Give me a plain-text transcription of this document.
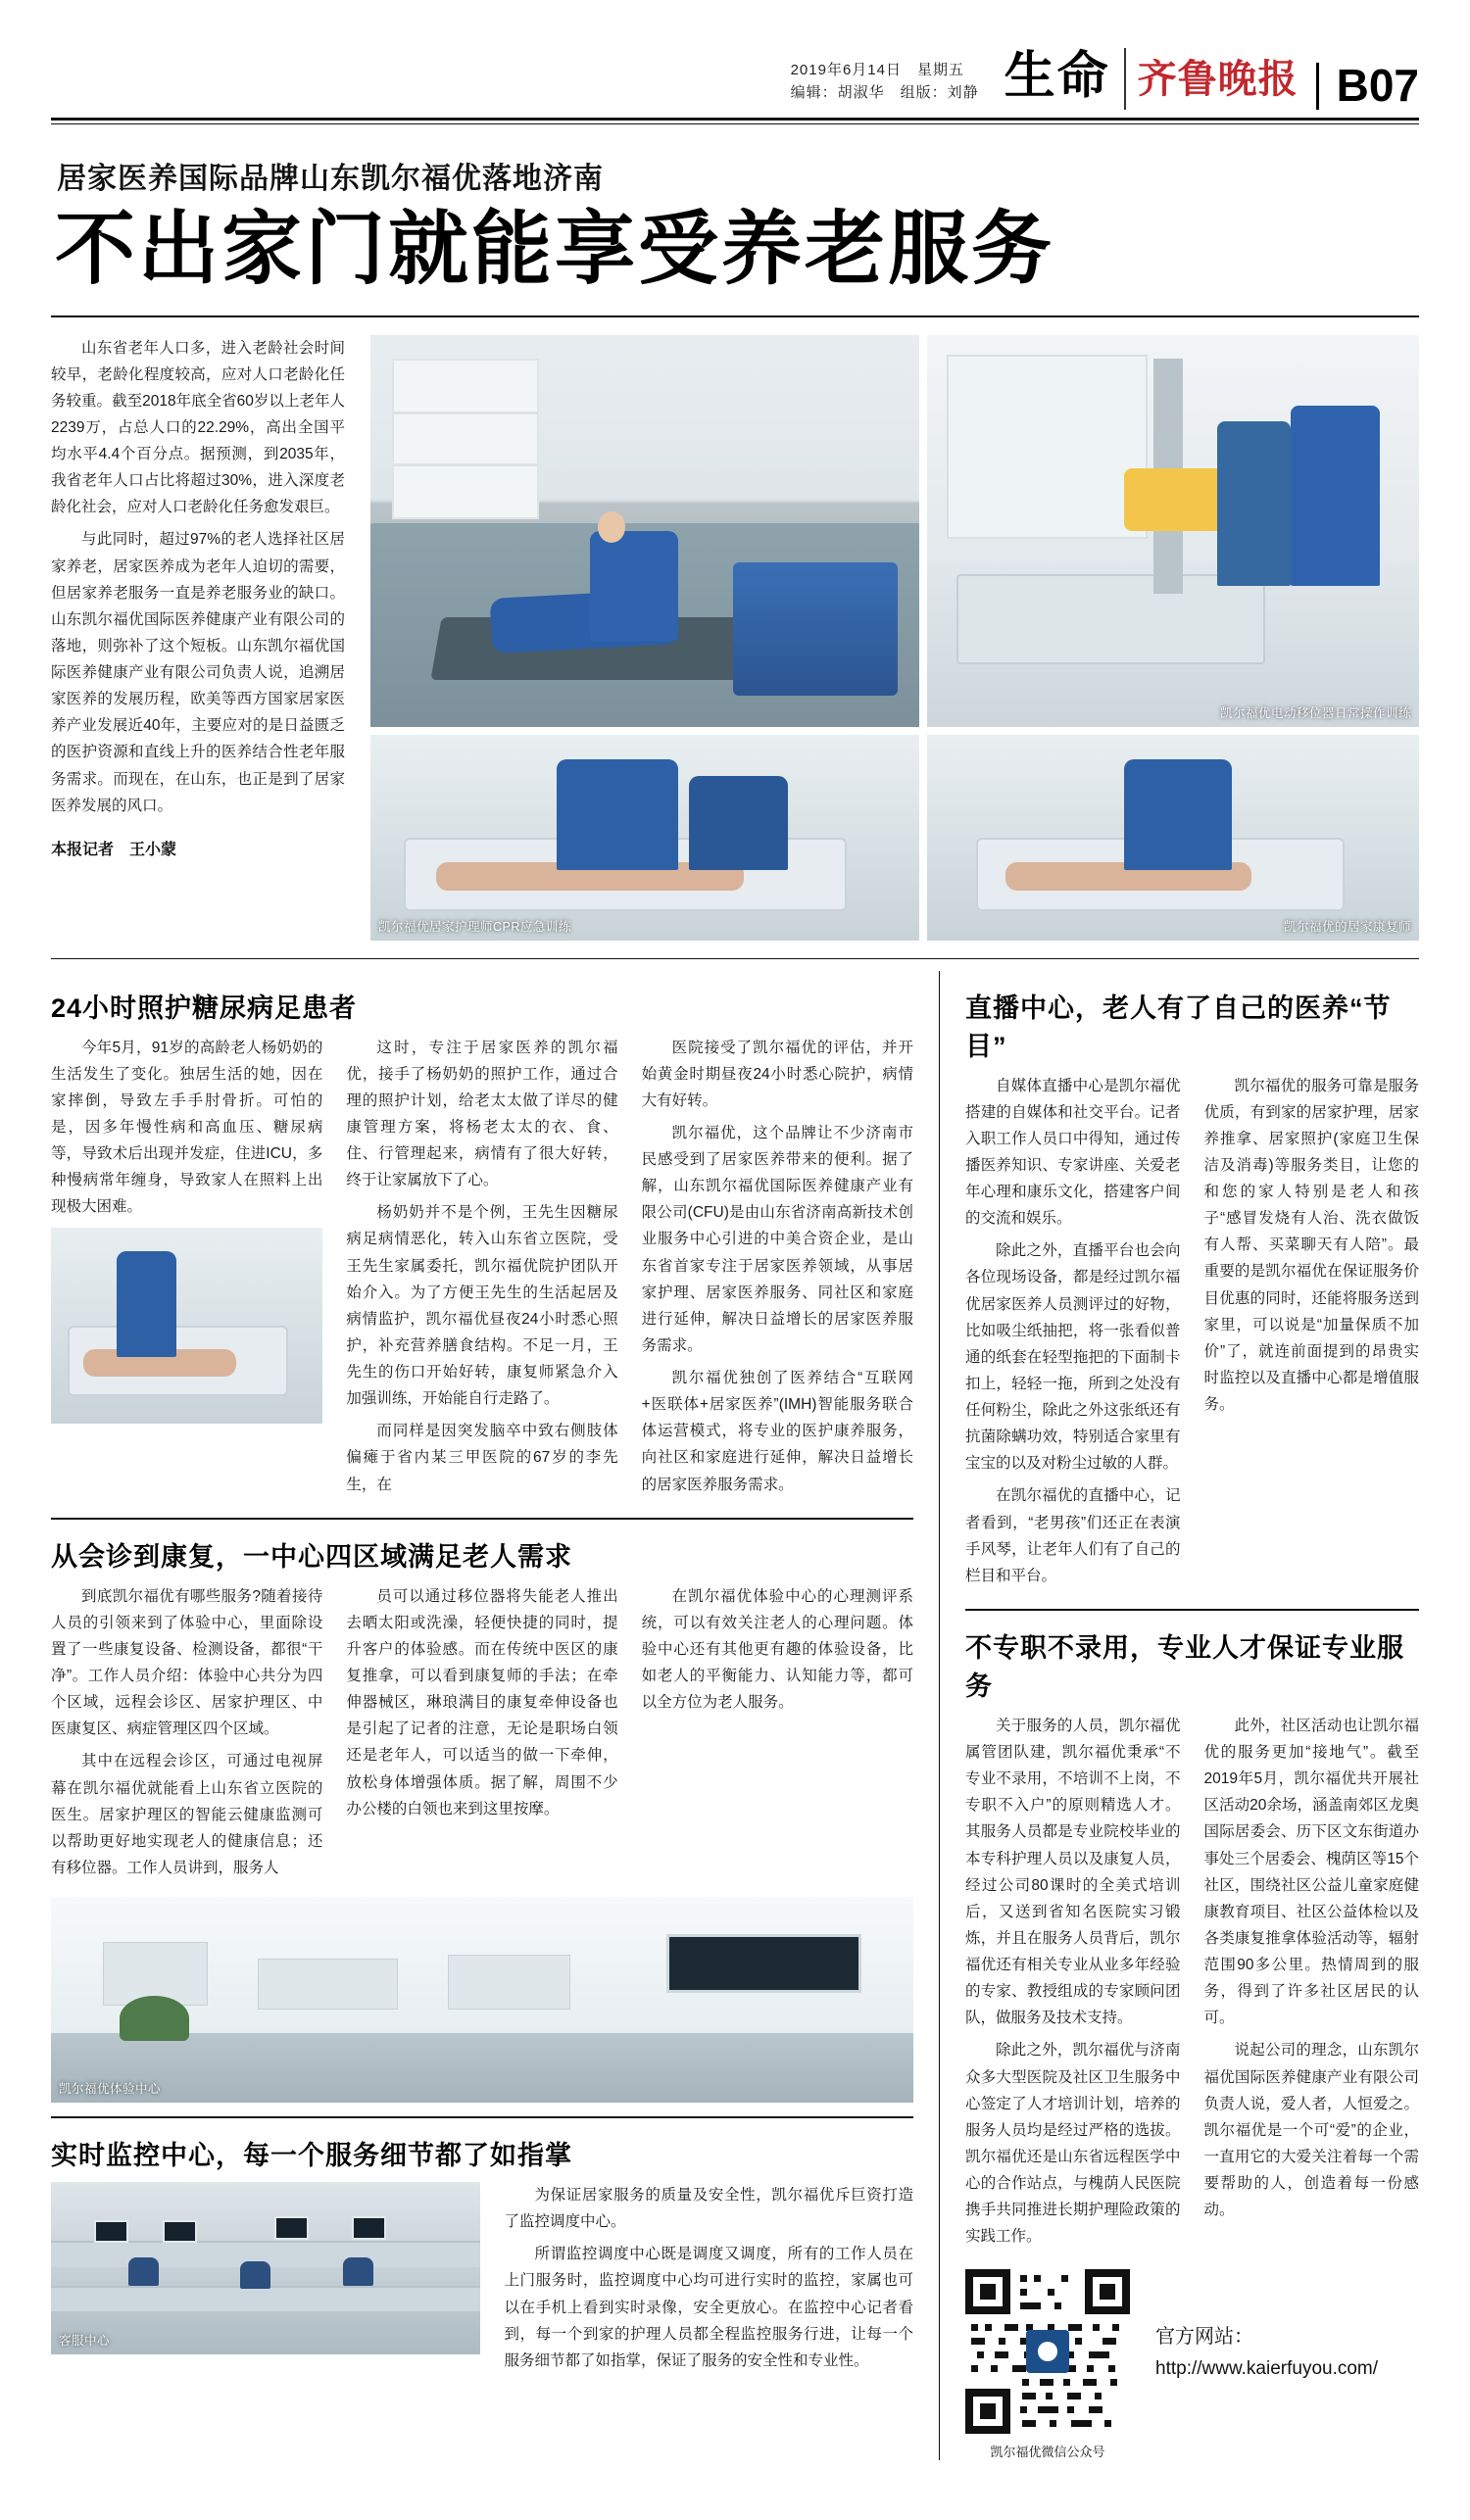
2019年6月14日　星期五
编辑：胡淑华　组版：刘静 生命 齐鲁晚报 B07
居家医养国际品牌山东凯尔福优落地济南
不出家门就能享受养老服务

山东省老年人口多，进入老龄社会时间较早，老龄化程度较高，应对人口老龄化任务较重。截至2018年底全省60岁以上老年人2239万，占总人口的22.29%，高出全国平均水平4.4个百分点。据预测，到2035年，我省老年人口占比将超过30%，进入深度老龄化社会，应对人口老龄化任务愈发艰巨。

与此同时，超过97%的老人选择社区居家养老，居家医养成为老年人迫切的需要，但居家养老服务一直是养老服务业的缺口。山东凯尔福优国际医养健康产业有限公司的落地，则弥补了这个短板。山东凯尔福优国际医养健康产业有限公司负责人说，追溯居家医养的发展历程，欧美等西方国家居家医养产业发展近40年，主要应对的是日益匮乏的医护资源和直线上升的医养结合性老年服务需求。而现在，在山东，也正是到了居家医养发展的风口。

本报记者　王小蒙

凯尔福优电动移位器日常操作训练
凯尔福优居家护理师CPR应急训练	凯尔福优的居家康复师
24小时照护糖尿病足患者

今年5月，91岁的高龄老人杨奶奶的生活发生了变化。独居生活的她，因在家摔倒，导致左手手肘骨折。可怕的是，因多年慢性病和高血压、糖尿病等，导致术后出现并发症，住进ICU，多种慢病常年缠身，导致家人在照料上出现极大困难。

这时，专注于居家医养的凯尔福优，接手了杨奶奶的照护工作，通过合理的照护计划，给老太太做了详尽的健康管理方案，将杨老太太的衣、食、住、行管理起来，病情有了很大好转，终于让家属放下了心。

杨奶奶并不是个例，王先生因糖尿病足病情恶化，转入山东省立医院，受王先生家属委托，凯尔福优院护团队开始介入。为了方便王先生的生活起居及病情监护，凯尔福优昼夜24小时悉心照护，补充营养膳食结构。不足一月，王先生的伤口开始好转，康复师紧急介入加强训练，开始能自行走路了。

而同样是因突发脑卒中致右侧肢体偏瘫于省内某三甲医院的67岁的李先生，在

医院接受了凯尔福优的评估，并开始黄金时期昼夜24小时悉心院护，病情大有好转。

凯尔福优，这个品牌让不少济南市民感受到了居家医养带来的便利。据了解，山东凯尔福优国际医养健康产业有限公司(CFU)是由山东省济南高新技术创业服务中心引进的中美合资企业，是山东省首家专注于居家医养领域，从事居家护理、居家医养服务、同社区和家庭进行延伸，解决日益增长的居家医养服务需求。

凯尔福优独创了医养结合“互联网+医联体+居家医养”(IMH)智能服务联合体运营模式，将专业的医护康养服务，向社区和家庭进行延伸，解决日益增长的居家医养服务需求。

从会诊到康复，一中心四区域满足老人需求

到底凯尔福优有哪些服务?随着接待人员的引领来到了体验中心，里面除设置了一些康复设备、检测设备，都很“干净”。工作人员介绍：体验中心共分为四个区域，远程会诊区、居家护理区、中医康复区、病症管理区四个区域。

其中在远程会诊区，可通过电视屏幕在凯尔福优就能看上山东省立医院的医生。居家护理区的智能云健康监测可以帮助更好地实现老人的健康信息；还有移位器。工作人员讲到，服务人

员可以通过移位器将失能老人推出去晒太阳或洗澡，轻便快捷的同时，提升客户的体验感。而在传统中医区的康复推拿，可以看到康复师的手法；在牵伸器械区，琳琅满目的康复牵伸设备也是引起了记者的注意，无论是职场白领还是老年人，可以适当的做一下牵伸，放松身体增强体质。据了解，周围不少办公楼的白领也来到这里按摩。

在凯尔福优体验中心的心理测评系统，可以有效关注老人的心理问题。体验中心还有其他更有趣的体验设备，比如老人的平衡能力、认知能力等，都可以全方位为老人服务。

凯尔福优体验中心
实时监控中心，每一个服务细节都了如指掌
客服中心

为保证居家服务的质量及安全性，凯尔福优斥巨资打造了监控调度中心。

所谓监控调度中心既是调度又调度，所有的工作人员在上门服务时，监控调度中心均可进行实时的监控，家属也可以在手机上看到实时录像，安全更放心。在监控中心记者看到，每一个到家的护理人员都全程监控服务行进，让每一个服务细节都了如指掌，保证了服务的安全性和专业性。

直播中心，老人有了自己的医养“节目”

自媒体直播中心是凯尔福优搭建的自媒体和社交平台。记者入职工作人员口中得知，通过传播医养知识、专家讲座、关爱老年心理和康乐文化，搭建客户间的交流和娱乐。

除此之外，直播平台也会向各位现场设备，都是经过凯尔福优居家医养人员测评过的好物，比如吸尘纸抽把，将一张看似普通的纸套在轻型拖把的下面制卡扣上，轻轻一拖，所到之处没有任何粉尘，除此之外这张纸还有抗菌除螨功效，特别适合家里有宝宝的以及对粉尘过敏的人群。

在凯尔福优的直播中心，记者看到，“老男孩”们还正在表演手风琴，让老年人们有了自己的栏目和平台。

凯尔福优的服务可靠是服务优质，有到家的居家护理，居家养推拿、居家照护(家庭卫生保洁及消毒)等服务类目，让您的和您的家人特别是老人和孩子“感冒发烧有人治、洗衣做饭有人帮、买菜聊天有人陪”。最重要的是凯尔福优在保证服务价目优惠的同时，还能将服务送到家里，可以说是“加量保质不加价”了，就连前面提到的昂贵实时监控以及直播中心都是增值服务。

不专职不录用，专业人才保证专业服务

关于服务的人员，凯尔福优属管团队建，凯尔福优秉承“不专业不录用，不培训不上岗，不专职不入户”的原则精选人才。其服务人员都是专业院校毕业的本专科护理人员以及康复人员，经过公司80课时的全美式培训后，又送到省知名医院实习锻炼，并且在服务人员背后，凯尔福优还有相关专业从业多年经验的专家、教授组成的专家顾问团队，做服务及技术支持。

除此之外，凯尔福优与济南众多大型医院及社区卫生服务中心签定了人才培训计划，培养的服务人员均是经过严格的选拔。凯尔福优还是山东省远程医学中心的合作站点，与槐荫人民医院携手共同推进长期护理险政策的实践工作。

此外，社区活动也让凯尔福优的服务更加“接地气”。截至2019年5月，凯尔福优共开展社区活动20余场，涵盖南郊区龙奥国际居委会、历下区文东街道办事处三个居委会、槐荫区等15个社区，围绕社区公益儿童家庭健康教育项目、社区公益体检以及各类康复推拿体验活动等，辐射范围90多公里。热情周到的服务，得到了许多社区居民的认可。

说起公司的理念，山东凯尔福优国际医养健康产业有限公司负责人说，爱人者，人恒爱之。凯尔福优是一个可“爱”的企业，一直用它的大爱关注着每一个需要帮助的人，创造着每一份感动。

凯尔福优微信公众号
官方网站：
http://www.kaierfuyou.com/
